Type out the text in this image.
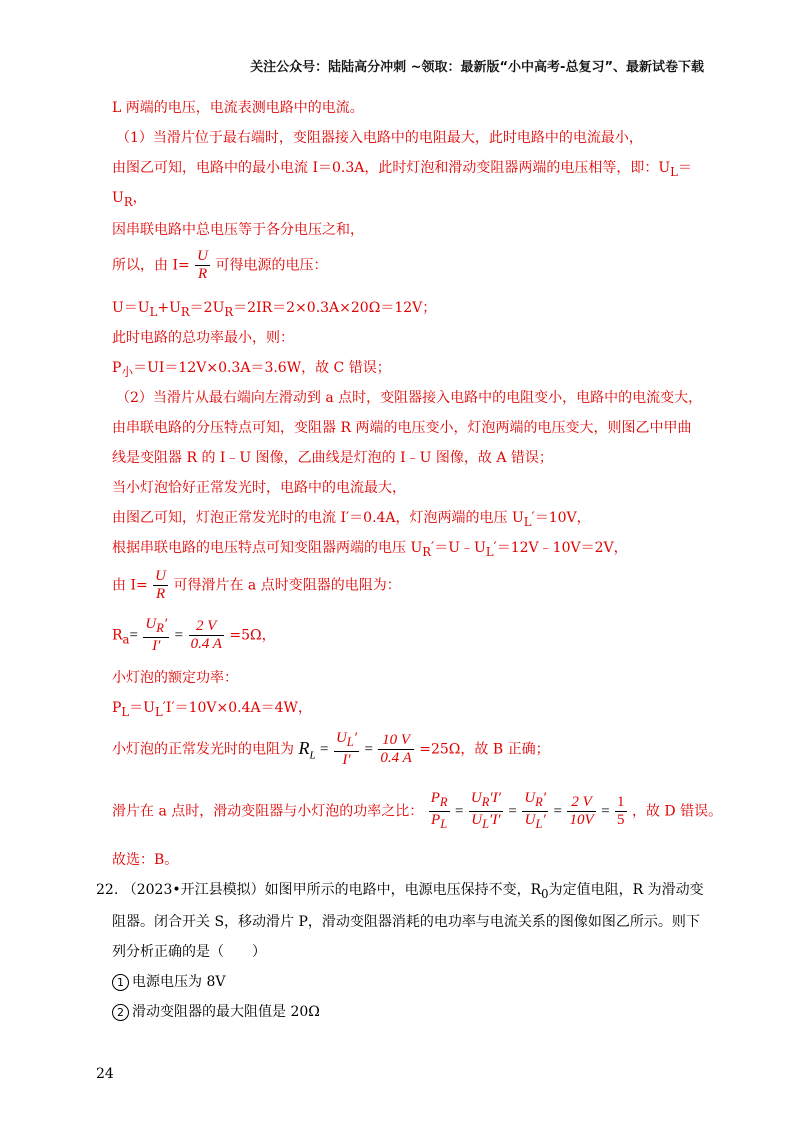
关注公众号：陆陆高分冲刺 ~领取：最新版“小中高考-总复习”、最新试卷下载
L 两端的电压，电流表测电路中的电流。
（1）当滑片位于最右端时，变阻器接入电路中的电阻最大，此时电路中的电流最小，
由图乙可知，电路中的最小电流 I＝0.3A，此时灯泡和滑动变阻器两端的电压相等，即：$U_L=$
$U_R$，
因串联电路中总电压等于各分电压之和，
所以，由 $I= \frac{U}{R}$ 可得电源的电压：
$U=U_L+U_R=2U_R=2IR=2\times 0.3A\times 20\Omega=12V$；
此时电路的总功率最小，则：
$P_小=UI=12V\times 0.3A=3.6W$，故 C 错误；
（2）当滑片从最右端向左滑动到 a 点时，变阻器接入电路中的电阻变小，电路中的电流变大，
由串联电路的分压特点可知，变阻器 R 两端的电压变小，灯泡两端的电压变大，则图乙中甲曲
线是变阻器 R 的 I﹣U 图像，乙曲线是灯泡的 I﹣U 图像，故 A 错误；
当小灯泡恰好正常发光时，电路中的电流最大，
由图乙可知，灯泡正常发光时的电流 I′＝0.4A，灯泡两端的电压 $U_L'=10V$，
根据串联电路的电压特点可知变阻器两端的电压 $U_R'=U﹣U_L'=12V﹣10V=2V$，
由 $I= \frac{U}{R}$ 可得滑片在 a 点时变阻器的电阻为：
$R_a= \frac{U_R'}{I'} = \frac{2 V}{0.4 A} =5\Omega$，
小灯泡的额定功率：
$P_L=U_L'I'=10V\times 0.4A=4W$，
小灯泡的正常发光时的电阻为 $R_L = \frac{U_L'}{I'} = \frac{10 V}{0.4 A} =25\Omega$，故 B 正确；
滑片在 a 点时，滑动变阻器与小灯泡的功率之比： $\frac{P_R}{P_L} = \frac{U_R'I'}{U_L'I'} = \frac{U_R'}{U_L'} = \frac{2 V}{10V} = \frac{1}{5}$ ，故 D 错误。
故选：B。
22. （2023•开江县模拟）如图甲所示的电路中，电源电压保持不变，$R_0$为定值电阻，R 为滑动变
阻器。闭合开关 S，移动滑片 P，滑动变阻器消耗的电功率与电流关系的图像如图乙所示。则下
列分析正确的是（　　）
1 电源电压为 8V
2 滑动变阻器的最大阻值是 20Ω
24
